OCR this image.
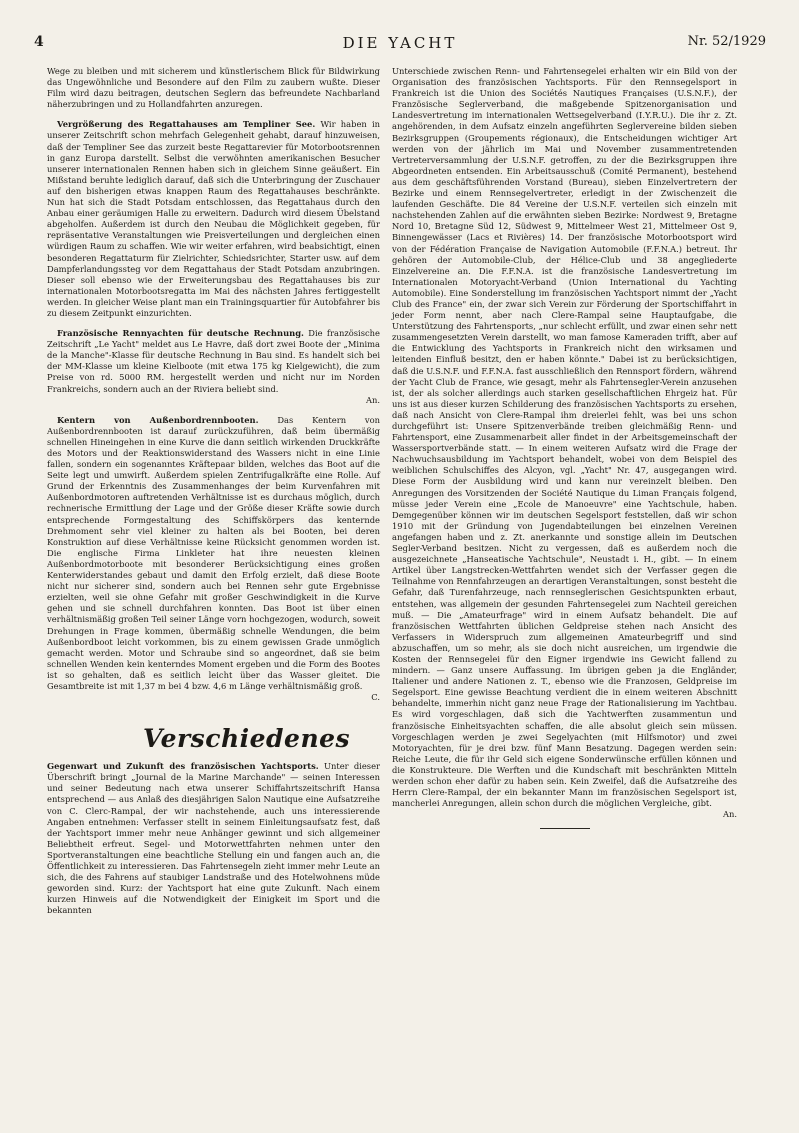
4	DIE YACHT	Nr. 52/1929

Wege zu bleiben und mit sicherem und künstlerischem Blick für Bildwirkung das Ungewöhnliche und Besondere auf den Film zu zaubern wußte. Dieser Film wird dazu beitragen, deutschen Seglern das befreundete Nachbarland näherzubringen und zu Hollandfahrten anzuregen.

Vergrößerung des Regattahauses am Templiner See. Wir haben in unserer Zeitschrift schon mehrfach Gelegenheit gehabt, darauf hinzuweisen, daß der Templiner See das zurzeit beste Regattarevier für Motorbootsrennen in ganz Europa darstellt. Selbst die verwöhnten amerikanischen Besucher unserer internationalen Rennen haben sich in gleichem Sinne geäußert. Ein Mißstand beruhte lediglich darauf, daß sich die Unterbringung der Zuschauer auf den bisherigen etwas knappen Raum des Regattahauses beschränkte. Nun hat sich die Stadt Potsdam entschlossen, das Regattahaus durch den Anbau einer geräumigen Halle zu erweitern. Dadurch wird diesem Übelstand abgeholfen. Außerdem ist durch den Neubau die Möglichkeit gegeben, für repräsentative Veranstaltungen wie Preisverteilungen und dergleichen einen würdigen Raum zu schaffen. Wie wir weiter erfahren, wird beabsichtigt, einen besonderen Regattaturm für Zielrichter, Schiedsrichter, Starter usw. auf dem Dampferlandungssteg vor dem Regattahaus der Stadt Potsdam anzubringen. Dieser soll ebenso wie der Erweiterungsbau des Regattahauses bis zur internationalen Motorbootsregatta im Mai des nächsten Jahres fertiggestellt werden. In gleicher Weise plant man ein Trainingsquartier für Autobfahrer bis zu diesem Zeitpunkt einzurichten.

Französische Rennyachten für deutsche Rechnung. Die französische Zeitschrift „Le Yacht" meldet aus Le Havre, daß dort zwei Boote der „Minima de la Manche"-Klasse für deutsche Rechnung in Bau sind. Es handelt sich bei der MM-Klasse um kleine Kielboote (mit etwa 175 kg Kielgewicht), die zum Preise von rd. 5000 RM. hergestellt werden und nicht nur im Norden Frankreichs, sondern auch an der Riviera beliebt sind.

An.

Kentern von Außenbordrennbooten. Das Kentern von Außenbordrennbooten ist darauf zurückzuführen, daß beim übermäßig schnellen Hineingehen in eine Kurve die dann seitlich wirkenden Druckkräfte des Motors und der Reaktionswiderstand des Wassers nicht in eine Linie fallen, sondern ein sogenanntes Kräftepaar bilden, welches das Boot auf die Seite legt und umwirft. Außerdem spielen Zentrifugalkräfte eine Rolle. Auf Grund der Erkenntnis des Zusammenhanges der beim Kurvenfahren mit Außenbordmotoren auftretenden Verhältnisse ist es durchaus möglich, durch rechnerische Ermittlung der Lage und der Größe dieser Kräfte sowie durch entsprechende Formgestaltung des Schiffskörpers das kenternde Drehmoment sehr viel kleiner zu halten als bei Booten, bei deren Konstruktion auf diese Verhältnisse keine Rücksicht genommen worden ist. Die englische Firma Linkleter hat ihre neuesten kleinen Außenbordmotorboote mit besonderer Berücksichtigung eines großen Kenterwiderstandes gebaut und damit den Erfolg erzielt, daß diese Boote nicht nur sicherer sind, sondern auch bei Rennen sehr gute Ergebnisse erzielten, weil sie ohne Gefahr mit großer Geschwindigkeit in die Kurve gehen und sie schnell durchfahren konnten. Das Boot ist über einen verhältnismäßig großen Teil seiner Länge vorn hochgezogen, wodurch, soweit Drehungen in Frage kommen, übermäßig schnelle Wendungen, die beim Außenbordboot leicht vorkommen, bis zu einem gewissen Grade unmöglich gemacht werden. Motor und Schraube sind so angeordnet, daß sie beim schnellen Wenden kein kenterndes Moment ergeben und die Form des Bootes ist so gehalten, daß es seitlich leicht über das Wasser gleitet. Die Gesamtbreite ist mit 1,37 m bei 4 bzw. 4,6 m Länge verhältnismäßig groß.

C.
Verschiedenes

Gegenwart und Zukunft des französischen Yachtsports. Unter dieser Überschrift bringt „Journal de la Marine Marchande" — seinen Interessen und seiner Bedeutung nach etwa unserer Schiffahrtszeitschrift Hansa entsprechend — aus Anlaß des diesjährigen Salon Nautique eine Aufsatzreihe von C. Clerc-Rampal, der wir nachstehende, auch uns interessierende Angaben entnehmen: Verfasser stellt in seinem Einleitungsaufsatz fest, daß der Yachtsport immer mehr neue Anhänger gewinnt und sich allgemeiner Beliebtheit erfreut. Segel- und Motorwettfahrten nehmen unter den Sportveranstaltungen eine beachtliche Stellung ein und fangen auch an, die Öffentlichkeit zu interessieren. Das Fahrtensegeln zieht immer mehr Leute an sich, die des Fahrens auf staubiger Landstraße und des Hotelwohnens müde geworden sind. Kurz: der Yachtsport hat eine gute Zukunft. Nach einem kurzen Hinweis auf die Notwendigkeit der Einigkeit im Sport und die bekannten

Unterschiede zwischen Renn- und Fahrtensegelei erhalten wir ein Bild von der Organisation des französischen Yachtsports. Für den Rennsegelsport in Frankreich ist die Union des Sociétés Nautiques Françaises (U.S.N.F.), der Französische Seglerverband, die maßgebende Spitzenorganisation und Landesvertretung im internationalen Wettsegelverband (I.Y.R.U.). Die ihr z. Zt. angehörenden, in dem Aufsatz einzeln angeführten Seglervereine bilden sieben Bezirksgruppen (Groupements régionaux), die Entscheidungen wichtiger Art werden von der jährlich im Mai und November zusammentretenden Vertreterversammlung der U.S.N.F. getroffen, zu der die Bezirksgruppen ihre Abgeordneten entsenden. Ein Arbeitsausschuß (Comité Permanent), bestehend aus dem geschäftsführenden Vorstand (Bureau), sieben Einzelvertretern der Bezirke und einem Rennsegelvertreter, erledigt in der Zwischenzeit die laufenden Geschäfte. Die 84 Vereine der U.S.N.F. verteilen sich einzeln mit nachstehenden Zahlen auf die erwähnten sieben Bezirke: Nordwest 9, Bretagne Nord 10, Bretagne Süd 12, Südwest 9, Mittelmeer West 21, Mittelmeer Ost 9, Binnengewässer (Lacs et Rivières) 14. Der französische Motorbootsport wird von der Fédération Française de Navigation Automobile (F.F.N.A.) betreut. Ihr gehören der Automobile-Club, der Hélice-Club und 38 angegliederte Einzelvereine an. Die F.F.N.A. ist die französische Landesvertretung im Internationalen Motoryacht-Verband (Union International du Yachting Automobile). Eine Sonderstellung im französischen Yachtsport nimmt der „Yacht Club des France" ein, der zwar sich Verein zur Förderung der Sportschiffahrt in jeder Form nennt, aber nach Clere-Rampal seine Hauptaufgabe, die Unterstützung des Fahrtensports, „nur schlecht erfüllt, und zwar einen sehr nett zusammengesetzten Verein darstellt, wo man famose Kameraden trifft, aber auf die Entwicklung des Yachtsports in Frankreich nicht den wirksamen und leitenden Einfluß besitzt, den er haben könnte." Dabei ist zu berücksichtigen, daß die U.S.N.F. und F.F.N.A. fast ausschließlich den Rennsport fördern, während der Yacht Club de France, wie gesagt, mehr als Fahrtensegler-Verein anzusehen ist, der als solcher allerdings auch starken gesellschaftlichen Ehrgeiz hat. Für uns ist aus dieser kurzen Schilderung des französischen Yachtsports zu ersehen, daß nach Ansicht von Clere-Rampal ihm dreierlei fehlt, was bei uns schon durchgeführt ist: Unsere Spitzenverbände treiben gleichmäßig Renn- und Fahrtensport, eine Zusammenarbeit aller findet in der Arbeitsgemeinschaft der Wassersportverbände statt. — In einem weiteren Aufsatz wird die Frage der Nachwuchsausbildung im Yachtsport behandelt, wobei von dem Beispiel des weiblichen Schulschiffes des Alcyon, vgl. „Yacht" Nr. 47, ausgegangen wird. Diese Form der Ausbildung wird und kann nur vereinzelt bleiben. Den Anregungen des Vorsitzenden der Société Nautique du Liman Français folgend, müsse jeder Verein eine „Ecole de Manoeuvre" eine Yachtschule, haben. Demgegenüber können wir im deutschen Segelsport feststellen, daß wir schon 1910 mit der Gründung von Jugendabteilungen bei einzelnen Vereinen angefangen haben und z. Zt. anerkannte und sonstige allein im Deutschen Segler-Verband besitzen. Nicht zu vergessen, daß es außerdem noch die ausgezeichnete „Hanseatische Yachtschule", Neustadt i. H., gibt. — In einem Artikel über Langstrecken-Wettfahrten wendet sich der Verfasser gegen die Teilnahme von Rennfahrzeugen an derartigen Veranstaltungen, sonst besteht die Gefahr, daß Turenfahrzeuge, nach rennseglerischen Gesichtspunkten erbaut, entstehen, was allgemein der gesunden Fahrtensegelei zum Nachteil gereichen muß. — Die „Amateurfrage" wird in einem Aufsatz behandelt. Die auf französischen Wettfahrten üblichen Geldpreise stehen nach Ansicht des Verfassers in Widerspruch zum allgemeinen Amateurbegriff und sind abzuschaffen, um so mehr, als sie doch nicht ausreichen, um irgendwie die Kosten der Rennsegelei für den Eigner irgendwie ins Gewicht fallend zu mindern. — Ganz unsere Auffassung. Im übrigen geben ja die Engländer, Italiener und andere Nationen z. T., ebenso wie die Franzosen, Geldpreise im Segelsport. Eine gewisse Beachtung verdient die in einem weiteren Abschnitt behandelte, immerhin nicht ganz neue Frage der Rationalisierung im Yachtbau. Es wird vorgeschlagen, daß sich die Yachtwerften zusammentun und französische Einheitsyachten schaffen, die alle absolut gleich sein müssen. Vorgeschlagen werden je zwei Segelyachten (mit Hilfsmotor) und zwei Motoryachten, für je drei bzw. fünf Mann Besatzung. Dagegen werden sein: Reiche Leute, die für ihr Geld sich eigene Sonderwünsche erfüllen können und die Konstrukteure. Die Werften und die Kundschaft mit beschränkten Mitteln werden schon eher dafür zu haben sein. Kein Zweifel, daß die Aufsatzreihe des Herrn Clere-Rampal, der ein bekannter Mann im französischen Segelsport ist, mancherlei Anregungen, allein schon durch die möglichen Vergleiche, gibt.

An.
